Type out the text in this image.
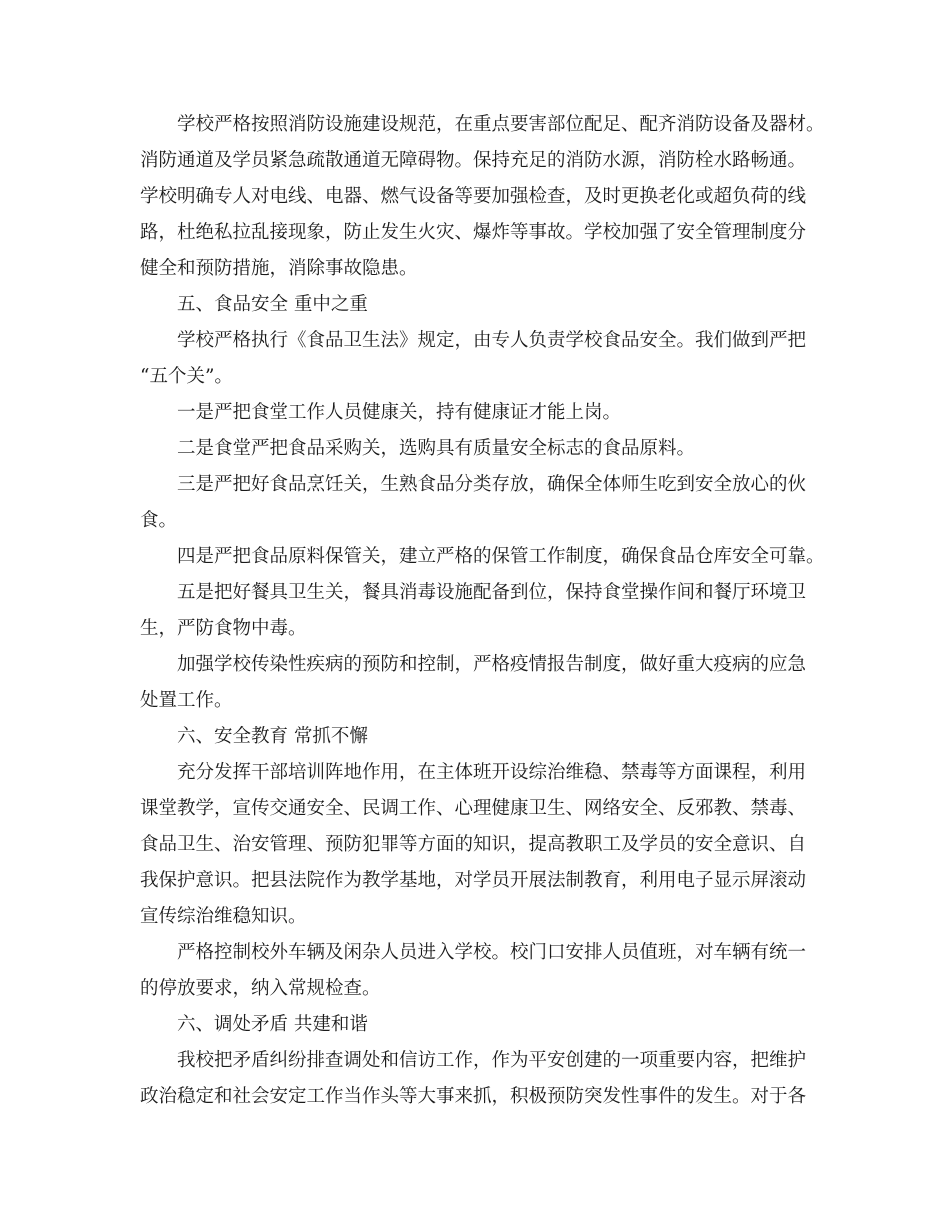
学校严格按照消防设施建设规范，在重点要害部位配足、配齐消防设备及器材。
消防通道及学员紧急疏散通道无障碍物。保持充足的消防水源，消防栓水路畅通。
学校明确专人对电线、电器、燃气设备等要加强检查，及时更换老化或超负荷的线
路，杜绝私拉乱接现象，防止发生火灾、爆炸等事故。学校加强了安全管理制度分
健全和预防措施，消除事故隐患。
五、食品安全 重中之重
学校严格执行《食品卫生法》规定，由专人负责学校食品安全。我们做到严把
“五个关”。
一是严把食堂工作人员健康关，持有健康证才能上岗。
二是食堂严把食品采购关，选购具有质量安全标志的食品原料。
三是严把好食品烹饪关，生熟食品分类存放，确保全体师生吃到安全放心的伙
食。
四是严把食品原料保管关，建立严格的保管工作制度，确保食品仓库安全可靠。
五是把好餐具卫生关，餐具消毒设施配备到位，保持食堂操作间和餐厅环境卫
生，严防食物中毒。
加强学校传染性疾病的预防和控制，严格疫情报告制度，做好重大疫病的应急
处置工作。
六、安全教育 常抓不懈
充分发挥干部培训阵地作用，在主体班开设综治维稳、禁毒等方面课程，利用
课堂教学，宣传交通安全、民调工作、心理健康卫生、网络安全、反邪教、禁毒、
食品卫生、治安管理、预防犯罪等方面的知识，提高教职工及学员的安全意识、自
我保护意识。把县法院作为教学基地，对学员开展法制教育，利用电子显示屏滚动
宣传综治维稳知识。
严格控制校外车辆及闲杂人员进入学校。校门口安排人员值班，对车辆有统一
的停放要求，纳入常规检查。
六、调处矛盾 共建和谐
我校把矛盾纠纷排查调处和信访工作，作为平安创建的一项重要内容，把维护
政治稳定和社会安定工作当作头等大事来抓，积极预防突发性事件的发生。对于各
